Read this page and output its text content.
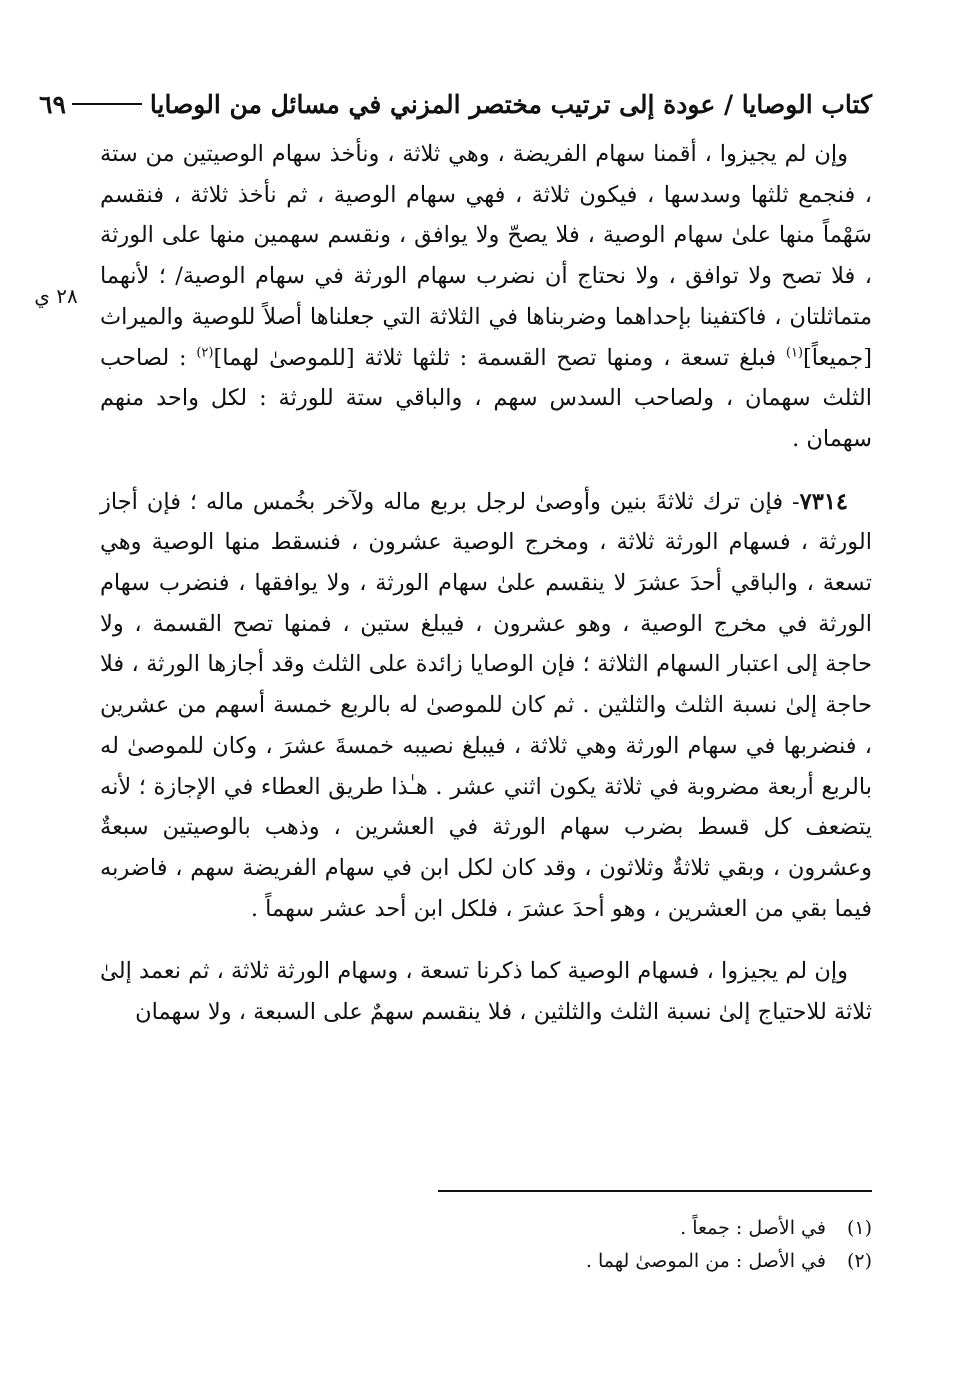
كتاب الوصايا / عودة إلى ترتيب مختصر المزني في مسائل من الوصايا
٦٩
٢٨ ي

وإن لم يجيزوا ، أقمنا سهام الفريضة ، وهي ثلاثة ، ونأخذ سهام الوصيتين من ستة ، فنجمع ثلثها وسدسها ، فيكون ثلاثة ، فهي سهام الوصية ، ثم نأخذ ثلاثة ، فنقسم سَهْماً منها علىٰ سهام الوصية ، فلا يصحّ ولا يوافق ، ونقسم سهمين منها على الورثة ، فلا تصح ولا توافق ، ولا نحتاج أن نضرب سهام الورثة في سهام الوصية/ ؛ لأنهما متماثلتان ، فاكتفينا بإحداهما وضربناها في الثلاثة التي جعلناها أصلاً للوصية والميراث [جميعاً]$^{(١)}$ فبلغ تسعة ، ومنها تصح القسمة : ثلثها ثلاثة [للموصىٰ لهما]$^{(٢)}$ : لصاحب الثلث سهمان ، ولصاحب السدس سهم ، والباقي ستة للورثة : لكل واحد منهم سهمان .

٧٣١٤- فإن ترك ثلاثةَ بنين وأوصىٰ لرجل بربع ماله ولآخر بخُمس ماله ؛ فإن أجاز الورثة ، فسهام الورثة ثلاثة ، ومخرج الوصية عشرون ، فنسقط منها الوصية وهي تسعة ، والباقي أحدَ عشرَ لا ينقسم علىٰ سهام الورثة ، ولا يوافقها ، فنضرب سهام الورثة في مخرج الوصية ، وهو عشرون ، فيبلغ ستين ، فمنها تصح القسمة ، ولا حاجة إلى اعتبار السهام الثلاثة ؛ فإن الوصايا زائدة على الثلث وقد أجازها الورثة ، فلا حاجة إلىٰ نسبة الثلث والثلثين . ثم كان للموصىٰ له بالربع خمسة أسهم من عشرين ، فنضربها في سهام الورثة وهي ثلاثة ، فيبلغ نصيبه خمسةَ عشرَ ، وكان للموصىٰ له بالربع أربعة مضروبة في ثلاثة يكون اثني عشر . هـٰذا طريق العطاء في الإجازة ؛ لأنه يتضعف كل قسط بضرب سهام الورثة في العشرين ، وذهب بالوصيتين سبعةٌ وعشرون ، وبقي ثلاثةٌ وثلاثون ، وقد كان لكل ابن في سهام الفريضة سهم ، فاضربه فيما بقي من العشرين ، وهو أحدَ عشرَ ، فلكل ابن أحد عشر سهماً .

وإن لم يجيزوا ، فسهام الوصية كما ذكرنا تسعة ، وسهام الورثة ثلاثة ، ثم نعمد إلىٰ ثلاثة للاحتياج إلىٰ نسبة الثلث والثلثين ، فلا ينقسم سهمٌ على السبعة ، ولا سهمان

(١) في الأصل : جمعاً .
(٢) في الأصل : من الموصىٰ لهما .
